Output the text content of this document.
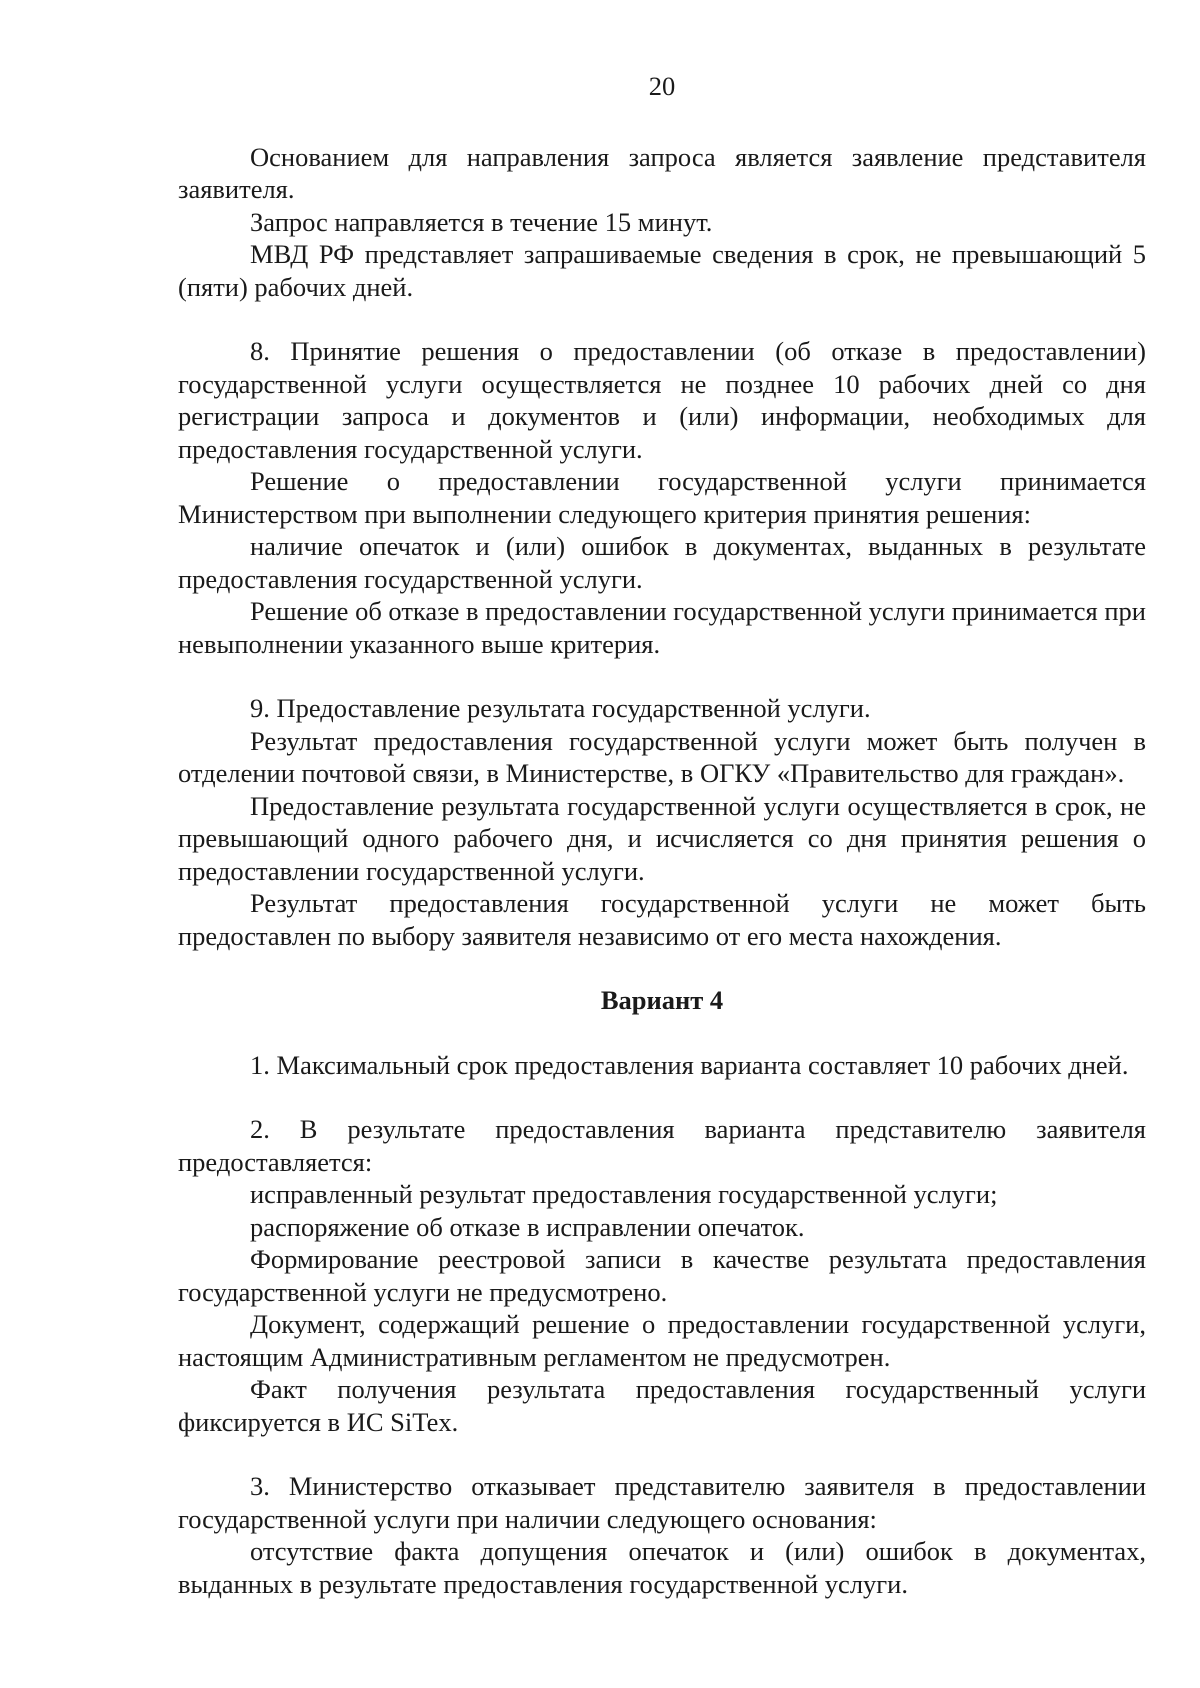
20

Основанием для направления запроса является заявление представителя заявителя.

Запрос направляется в течение 15 минут.

МВД РФ представляет запрашиваемые сведения в срок, не превышающий 5 (пяти) рабочих дней.

8. Принятие решения о предоставлении (об отказе в предоставлении) государственной услуги осуществляется не позднее 10 рабочих дней со дня регистрации запроса и документов и (или) информации, необходимых для предоставления государственной услуги.

Решение о предоставлении государственной услуги принимается Министерством при выполнении следующего критерия принятия решения:

наличие опечаток и (или) ошибок в документах, выданных в результате предоставления государственной услуги.

Решение об отказе в предоставлении государственной услуги принимается при невыполнении указанного выше критерия.

9. Предоставление результата государственной услуги.

Результат предоставления государственной услуги может быть получен в отделении почтовой связи, в Министерстве, в ОГКУ «Правительство для граждан».

Предоставление результата государственной услуги осуществляется в срок, не превышающий одного рабочего дня, и исчисляется со дня принятия решения о предоставлении государственной услуги.

Результат предоставления государственной услуги не может быть предоставлен по выбору заявителя независимо от его места нахождения.

Вариант 4

1. Максимальный срок предоставления варианта составляет 10 рабочих дней.

2. В результате предоставления варианта представителю заявителя предоставляется:

исправленный результат предоставления государственной услуги;

распоряжение об отказе в исправлении опечаток.

Формирование реестровой записи в качестве результата предоставления государственной услуги не предусмотрено.

Документ, содержащий решение о предоставлении государственной услуги, настоящим Административным регламентом не предусмотрен.

Факт получения результата предоставления государственный услуги фиксируется в ИС SiTex.

3. Министерство отказывает представителю заявителя в предоставлении государственной услуги при наличии следующего основания:

отсутствие факта допущения опечаток и (или) ошибок в документах, выданных в результате предоставления государственной услуги.
